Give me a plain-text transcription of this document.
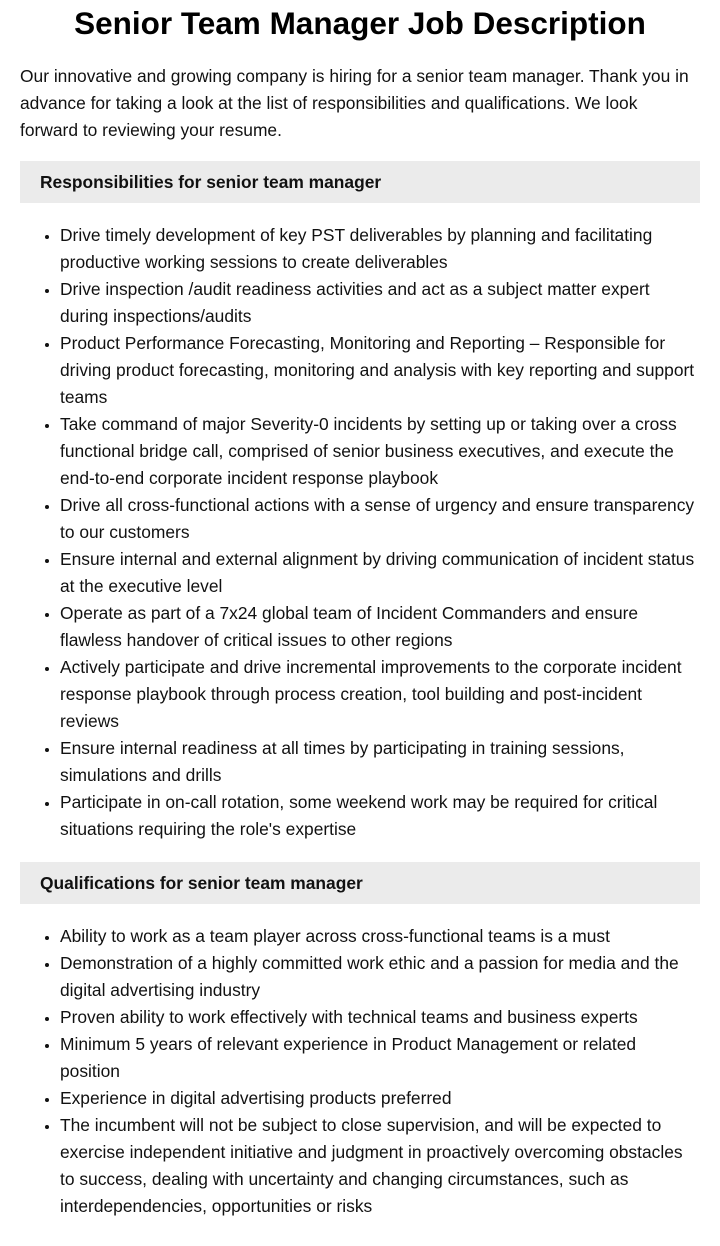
Senior Team Manager Job Description

Our innovative and growing company is hiring for a senior team manager. Thank you in advance for taking a look at the list of responsibilities and qualifications. We look forward to reviewing your resume.

Responsibilities for senior team manager
• Drive timely development of key PST deliverables by planning and facilitating productive working sessions to create deliverables
• Drive inspection /audit readiness activities and act as a subject matter expert during inspections/audits
• Product Performance Forecasting, Monitoring and Reporting – Responsible for driving product forecasting, monitoring and analysis with key reporting and support teams
• Take command of major Severity-0 incidents by setting up or taking over a cross functional bridge call, comprised of senior business executives, and execute the end-to-end corporate incident response playbook
• Drive all cross-functional actions with a sense of urgency and ensure transparency to our customers
• Ensure internal and external alignment by driving communication of incident status at the executive level
• Operate as part of a 7x24 global team of Incident Commanders and ensure flawless handover of critical issues to other regions
• Actively participate and drive incremental improvements to the corporate incident response playbook through process creation, tool building and post-incident reviews
• Ensure internal readiness at all times by participating in training sessions, simulations and drills
• Participate in on-call rotation, some weekend work may be required for critical situations requiring the role's expertise
Qualifications for senior team manager
• Ability to work as a team player across cross-functional teams is a must
• Demonstration of a highly committed work ethic and a passion for media and the digital advertising industry
• Proven ability to work effectively with technical teams and business experts
• Minimum 5 years of relevant experience in Product Management or related position
• Experience in digital advertising products preferred
• The incumbent will not be subject to close supervision, and will be expected to exercise independent initiative and judgment in proactively overcoming obstacles to success, dealing with uncertainty and changing circumstances, such as interdependencies, opportunities or risks
